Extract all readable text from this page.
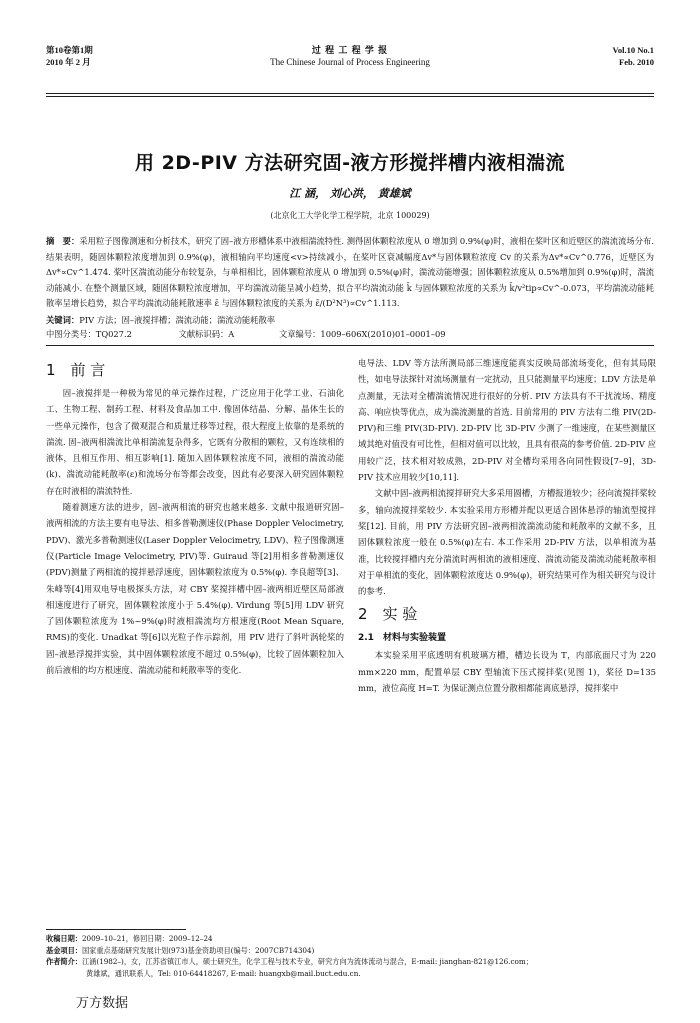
第10卷第1期
2010 年 2 月
过 程 工 程 学 报
The Chinese Journal of Process Engineering
Vol.10 No.1
Feb. 2010
用 2D-PIV 方法研究固-液方形搅拌槽内液相湍流
江 涵， 刘心洪， 黄雄斌
(北京化工大学化学工程学院，北京 100029)
摘　要：采用粒子图像测速和分析技术，研究了固–液方形槽体系中液相湍流特性. 测得固体颗粒浓度从 0 增加到 0.9%(φ)时，液相在桨叶区和近壁区的湍流流场分布. 结果表明，随固体颗粒浓度增加到 0.9%(φ)，液相轴向平均速度<v>持续减小，在桨叶区衰减幅度Δv*与固体颗粒浓度 Cv 的关系为Δv*∝Cv^0.776，近壁区为Δv*∝Cv^1.474. 桨叶区湍流动能分布较复杂，与单相相比，固体颗粒浓度从 0 增加到 0.5%(φ)时，湍流动能增强；固体颗粒浓度从 0.5%增加到 0.9%(φ)时，湍流动能减小. 在整个测量区域，随固体颗粒浓度增加，平均湍流动能呈减小趋势，拟合平均湍流动能 k̄ 与固体颗粒浓度的关系为 k̄/v²tip∝Cv^-0.073，平均湍流动能耗散率呈增长趋势，拟合平均湍流动能耗散速率 ε̄ 与固体颗粒浓度的关系为 ε̄/(D²N³)∝Cv^1.113.
关键词：PIV 方法；固–液搅拌槽；湍流动能；湍流动能耗散率
中图分类号：TQ027.2	文献标识码：A	文章编号：1009–606X(2010)01–0001–09
1　前 言

固–液搅拌是一种极为常见的单元操作过程，广泛应用于化学工业、石油化工、生物工程、制药工程、材料及食品加工中. 像固体结晶、分解、晶体生长的一些单元操作，包含了微观混合和质量迁移等过程，很大程度上依靠的是系统的湍流. 固–液两相湍流比单相湍流复杂得多，它既有分散相的颗粒，又有连续相的液体，且相互作用、相互影响[1]. 随加入固体颗粒浓度不同，液相的湍流动能(k)、湍流动能耗散率(ε)和流场分布等都会改变，因此有必要深入研究固体颗粒存在时液相的湍流特性.

随着测速方法的进步，固–液两相流的研究也越来越多. 文献中报道研究固–液两相流的方法主要有电导法、相多普勒测速仪(Phase Doppler Velocimetry, PDV)、激光多普勒测速仪(Laser Doppler Velocimetry, LDV)、粒子图像测速仪(Particle Image Velocimetry, PIV)等. Guiraud 等[2]用相多普勒测速仪(PDV)测量了两相流的搅拌悬浮速度，固体颗粒浓度为 0.5%(φ). 李良超等[3]、朱峰等[4]用双电导电极探头方法，对 CBY 桨搅拌槽中固–液两相近壁区局部液相速度进行了研究，固体颗粒浓度小于 5.4%(φ). Virdung 等[5]用 LDV 研究了固体颗粒浓度为 1%~9%(φ)时液相湍流均方根速度(Root Mean Square, RMS)的变化. Unadkat 等[6]以光粒子作示踪剂，用 PIV 进行了斜叶涡轮桨的固–液悬浮搅拌实验，其中固体颗粒浓度不超过 0.5%(φ)，比较了固体颗粒加入前后液相的均方根速度、湍流动能和耗散率等的变化.

电导法、LDV 等方法所测局部三维速度能真实反映局部流场变化，但有其局限性，如电导法探针对流场测量有一定扰动，且只能测量平均速度；LDV 方法是单点测量，无法对全槽湍流情况进行很好的分析. PIV 方法具有不干扰流场、精度高、响应快等优点，成为湍流测量的首选. 目前常用的 PIV 方法有二维 PIV(2D-PIV)和三维 PIV(3D-PIV). 2D-PIV 比 3D-PIV 少测了一维速度，在某些测量区域其绝对值没有可比性，但相对值可以比较，且具有很高的参考价值. 2D-PIV 应用较广泛，技术相对较成熟，2D-PIV 对全槽均采用各向同性假设[7–9]，3D-PIV 技术应用较少[10,11].

文献中固–液两相流搅拌研究大多采用圆槽，方槽报道较少；径向流搅拌桨较多，轴向流搅拌桨较少. 本实验采用方形槽并配以更适合固体悬浮的轴流型搅拌桨[12]. 目前，用 PIV 方法研究固–液两相流湍流动能和耗散率的文献不多，且固体颗粒浓度一般在 0.5%(φ)左右. 本工作采用 2D-PIV 方法，以单相流为基准，比较搅拌槽内充分湍流时两相流的液相速度、湍流动能及湍流动能耗散率相对于单相流的变化，固体颗粒浓度达 0.9%(φ)，研究结果可作为相关研究与设计的参考.

2　实 验
2.1　材料与实验装置

本实验采用平底透明有机玻璃方槽，槽边长设为 T，内部底面尺寸为 220 mm×220 mm，配置单层 CBY 型轴流下压式搅拌桨(见图 1)，桨径 D=135 mm，液位高度 H=T. 为保证测点位置分散相都能离底悬浮，搅拌桨中

收稿日期：2009–10–21，修回日期：2009–12–24
基金项目：国家重点基础研究发展计划(973)基金资助项目(编号：2007CB714304)
作者简介：江涵(1982–)，女，江苏省镇江市人，硕士研究生，化学工程与技术专业，研究方向为流体流动与混合，E-mail: jianghan-821@126.com；
黄雄斌，通讯联系人，Tel: 010-64418267, E-mail: huangxb@mail.buct.edu.cn.
万方数据
